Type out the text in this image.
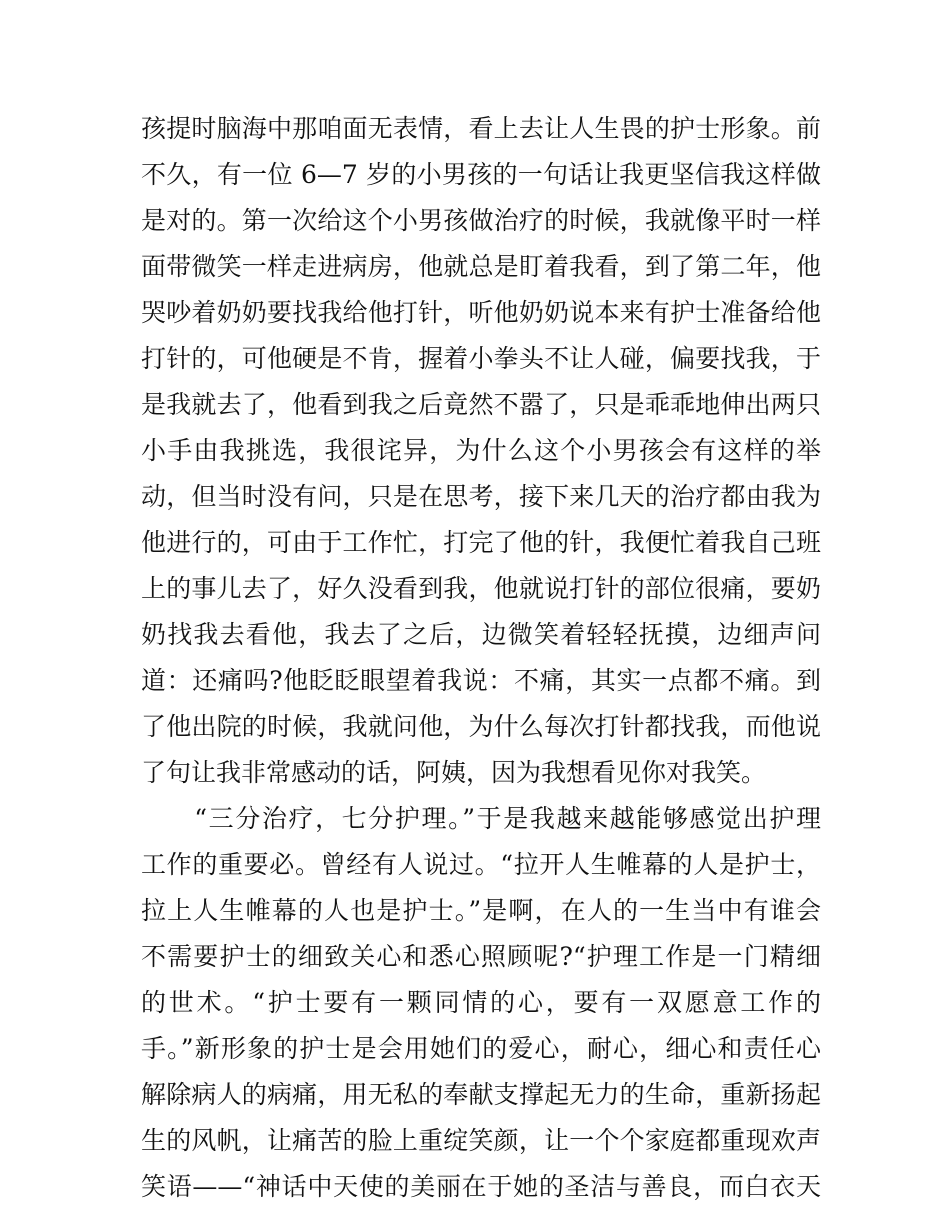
孩提时脑海中那咱面无表情，看上去让人生畏的护士形象。前
不久，有一位 6—7 岁的小男孩的一句话让我更坚信我这样做
是对的。第一次给这个小男孩做治疗的时候，我就像平时一样
面带微笑一样走进病房，他就总是盯着我看，到了第二年，他
哭吵着奶奶要找我给他打针，听他奶奶说本来有护士准备给他
打针的，可他硬是不肯，握着小拳头不让人碰，偏要找我，于
是我就去了，他看到我之后竟然不嚣了，只是乖乖地伸出两只
小手由我挑选，我很诧异，为什么这个小男孩会有这样的举
动，但当时没有问，只是在思考，接下来几天的治疗都由我为
他进行的，可由于工作忙，打完了他的针，我便忙着我自己班
上的事儿去了，好久没看到我，他就说打针的部位很痛，要奶
奶找我去看他，我去了之后，边微笑着轻轻抚摸，边细声问
道：还痛吗?他眨眨眼望着我说：不痛，其实一点都不痛。到
了他出院的时候，我就问他，为什么每次打针都找我，而他说
了句让我非常感动的话，阿姨，因为我想看见你对我笑。
　　“三分治疗，七分护理。”于是我越来越能够感觉出护理
工作的重要必。曾经有人说过。“拉开人生帷幕的人是护士，
拉上人生帷幕的人也是护士。”是啊，在人的一生当中有谁会
不需要护士的细致关心和悉心照顾呢?“护理工作是一门精细
的世术。“护士要有一颗同情的心，要有一双愿意工作的
手。”新形象的护士是会用她们的爱心，耐心，细心和责任心
解除病人的病痛，用无私的奉献支撑起无力的生命，重新扬起
生的风帆，让痛苦的脸上重绽笑颜，让一个个家庭都重现欢声
笑语——“神话中天使的美丽在于她的圣洁与善良，而白衣天
